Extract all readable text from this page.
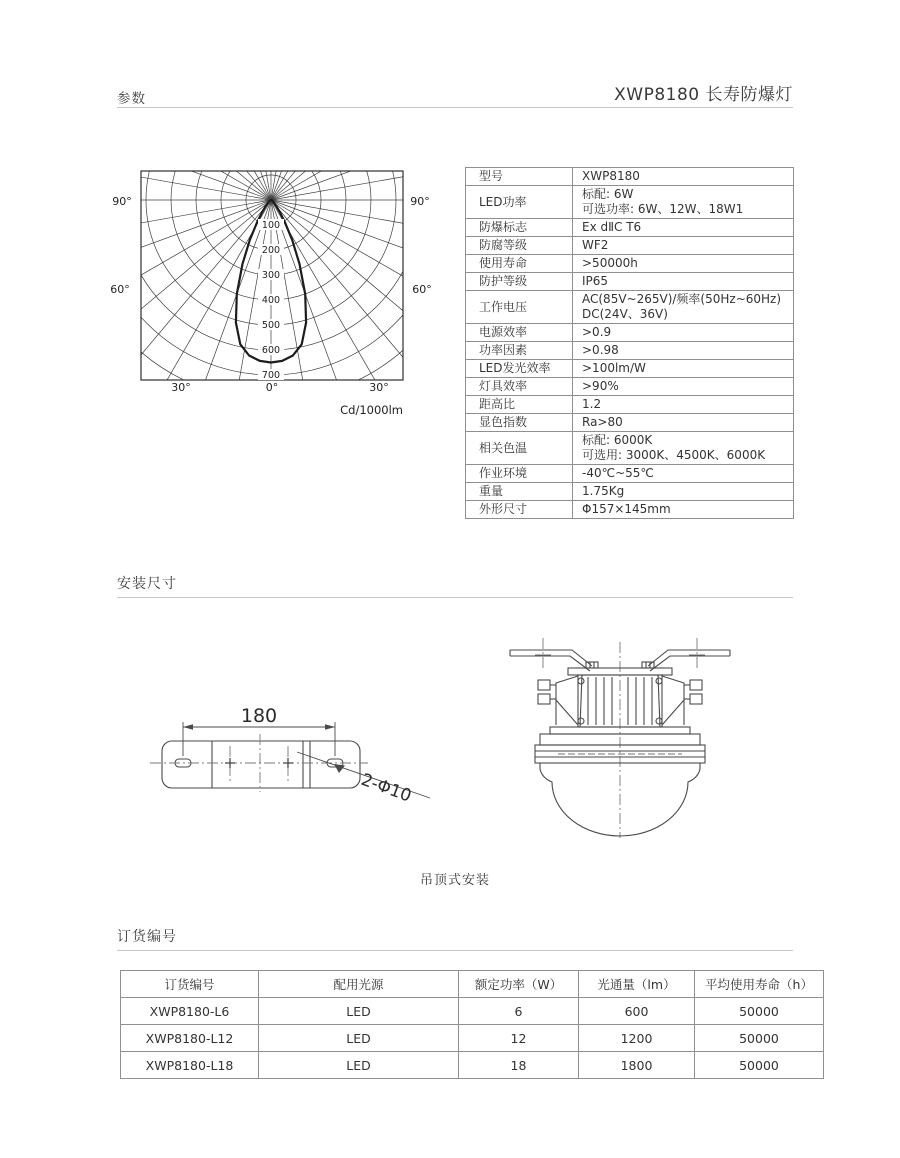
参数	XWP8180 长寿防爆灯
100
200
300
400
500
600
700
90°	90°
60°	60°
30°	0°	30°
Cd/1000lm
型号	XWP8180

LED功率	标配: 6W
可选功率: 6W、12W、18W1

防爆标志	Ex dⅡC T6

防腐等级	WF2

使用寿命	>50000h

防护等级	IP65

工作电压	AC(85V~265V)/频率(50Hz~60Hz)
DC(24V、36V)

电源效率	>0.9

功率因素	>0.98

LED发光效率	>100lm/W

灯具效率	>90%

距高比	1.2

显色指数	Ra>80

相关色温	标配: 6000K
可选用: 3000K、4500K、6000K

作业环境	-40℃~55℃

重量	1.75Kg

外形尺寸	Φ157×145mm
安装尺寸
180
2-Φ10
吊顶式安装
订货编号
订货编号	配用光源	额定功率（W）	光通量（lm）	平均使用寿命（h）
XWP8180-L6	LED	6	600	50000
XWP8180-L12	LED	12	1200	50000
XWP8180-L18	LED	18	1800	50000
